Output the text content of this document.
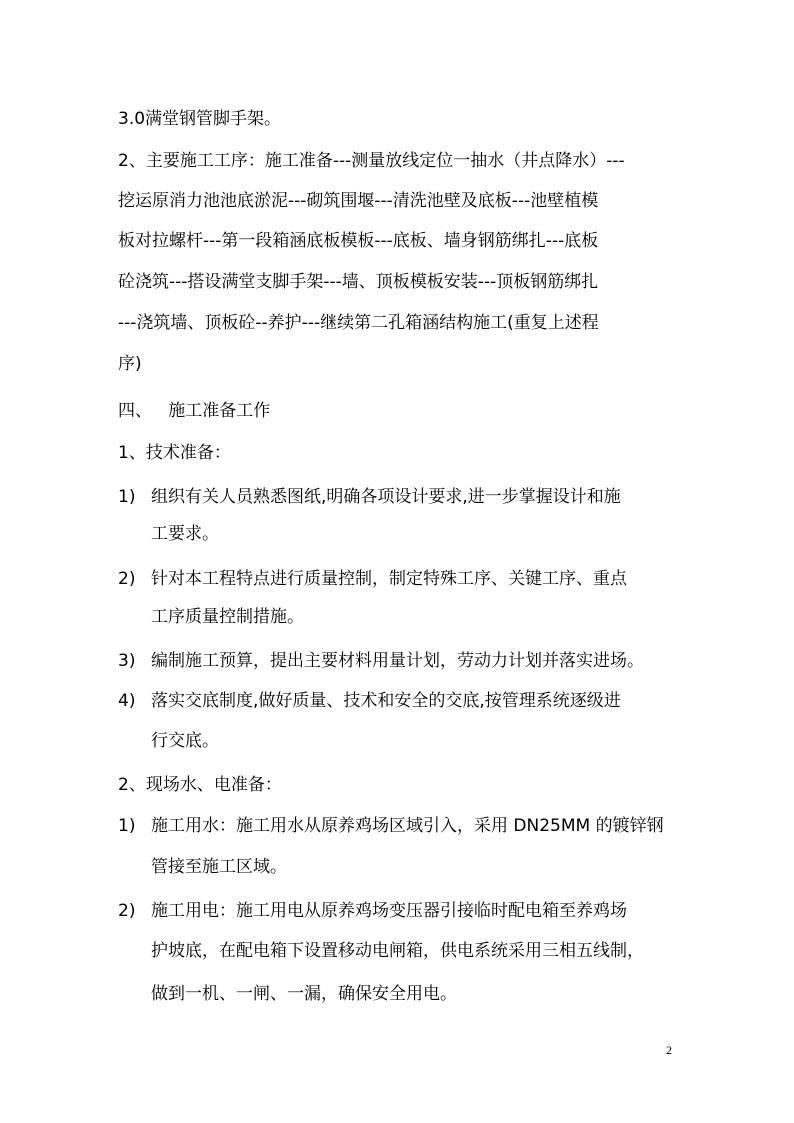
3.0满堂钢管脚手架。
2、主要施工工序：施工准备---测量放线定位一抽水（井点降水）---
挖运原消力池池底淤泥---砌筑围堰---清洗池壁及底板---池壁植模
板对拉螺杆---第一段箱涵底板模板---底板、墙身钢筋绑扎---底板
砼浇筑---搭设满堂支脚手架---墙、顶板模板安装---顶板钢筋绑扎
---浇筑墙、顶板砼--养护---继续第二孔箱涵结构施工(重复上述程
序)
四、   施工准备工作
1、技术准备：
1) 组织有关人员熟悉图纸,明确各项设计要求,进一步掌握设计和施
工要求。
2) 针对本工程特点进行质量控制，制定特殊工序、关键工序、重点
工序质量控制措施。
3) 编制施工预算，提出主要材料用量计划，劳动力计划并落实进场。
4) 落实交底制度,做好质量、技术和安全的交底,按管理系统逐级进
行交底。
2、现场水、电准备：
1) 施工用水：施工用水从原养鸡场区域引入，采用 DN25MM 的镀锌钢
管接至施工区域。
2) 施工用电：施工用电从原养鸡场变压器引接临时配电箱至养鸡场
护坡底，在配电箱下设置移动电闸箱，供电系统采用三相五线制，
做到一机、一闸、一漏，确保安全用电。
2
